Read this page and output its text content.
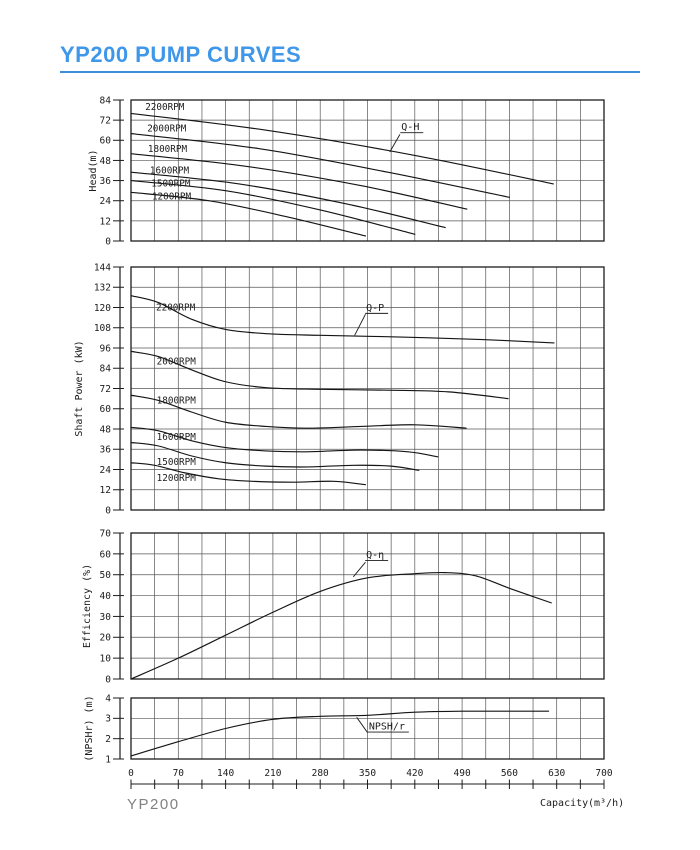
YP200 PUMP CURVES
0
12
24
36
48
60
72
84
Head(m)
2200RPM
2000RPM
1800RPM
1600RPM
1500RPM
1200RPM
Q-H
0
12
24
36
48
60
72
84
96
108
120
132
144
Shaft Power (kW)
2200RPM
2000RPM
1800RPM
1600RPM
1500RPM
1200RPM
Q-P
0
10
20
30
40
50
60
70
Efficiency (%)
Q-η
1
2
3
4
(NPSHr) (m)	NPSH/r
0	70	140	210	280	350	420	490	560	630	700
Capacity (m³/h)
YP200
